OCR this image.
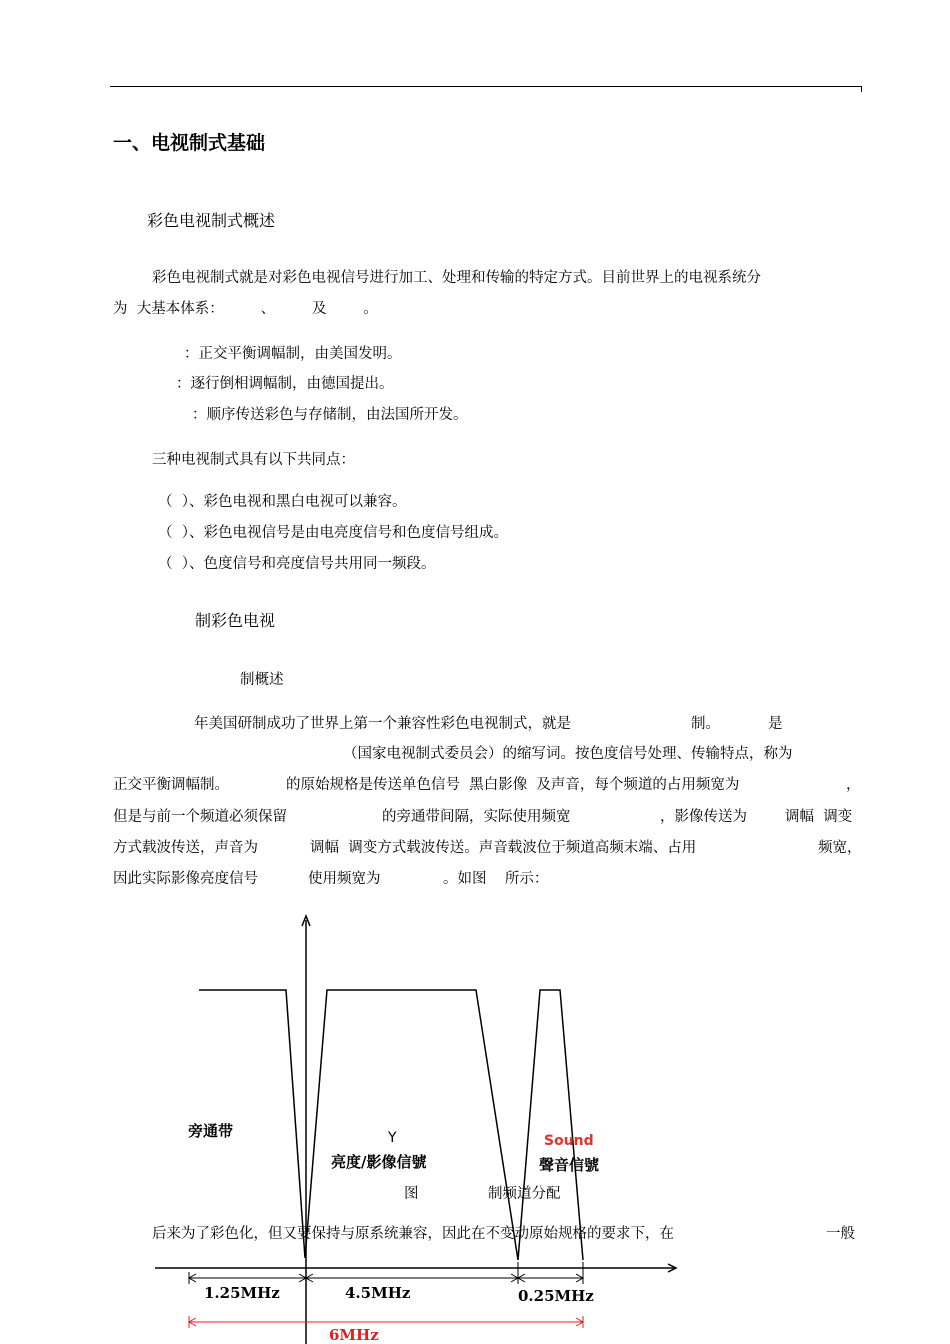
一、电视制式基础
彩色电视制式概述
彩色电视制式就是对彩色电视信号进行加工、处理和传输的特定方式。目前世界上的电视系统分
为  大基本体系：        、        及        。
：正交平衡调幅制，由美国发明。
：逐行倒相调幅制，由德国提出。
：顺序传送彩色与存储制，由法国所开发。
三种电视制式具有以下共同点：
（  ）、彩色电视和黑白电视可以兼容。
（  ）、彩色电视信号是由电亮度信号和色度信号组成。
（  ）、色度信号和亮度信号共用同一频段。
制彩色电视
制概述
年美国研制成功了世界上第一个兼容性彩色电视制式，就是	制。	是
（国家电视制式委员会）的缩写词。按色度信号处理、传输特点，称为
正交平衡调幅制。	的原始规格是传送单色信号  黑白影像  及声音，每个频道的占用频宽为	，
但是与前一个频道必须保留	的旁通带间隔，实际使用频宽	，影像传送为	调幅  调变
方式载波传送，声音为	调幅  调变方式载波传送。声音载波位于频道高频末端、占用	频宽，
因此实际影像亮度信号	使用频宽为	。如图    所示：
旁通带	Y
亮度/影像信號
Sound
聲音信號
图	制频道分配
后来为了彩色化，但又要保持与原系统兼容，因此在不变动原始规格的要求下，在	一般
1.25MHz	4.5MHz	0.25MHz
6MHz
